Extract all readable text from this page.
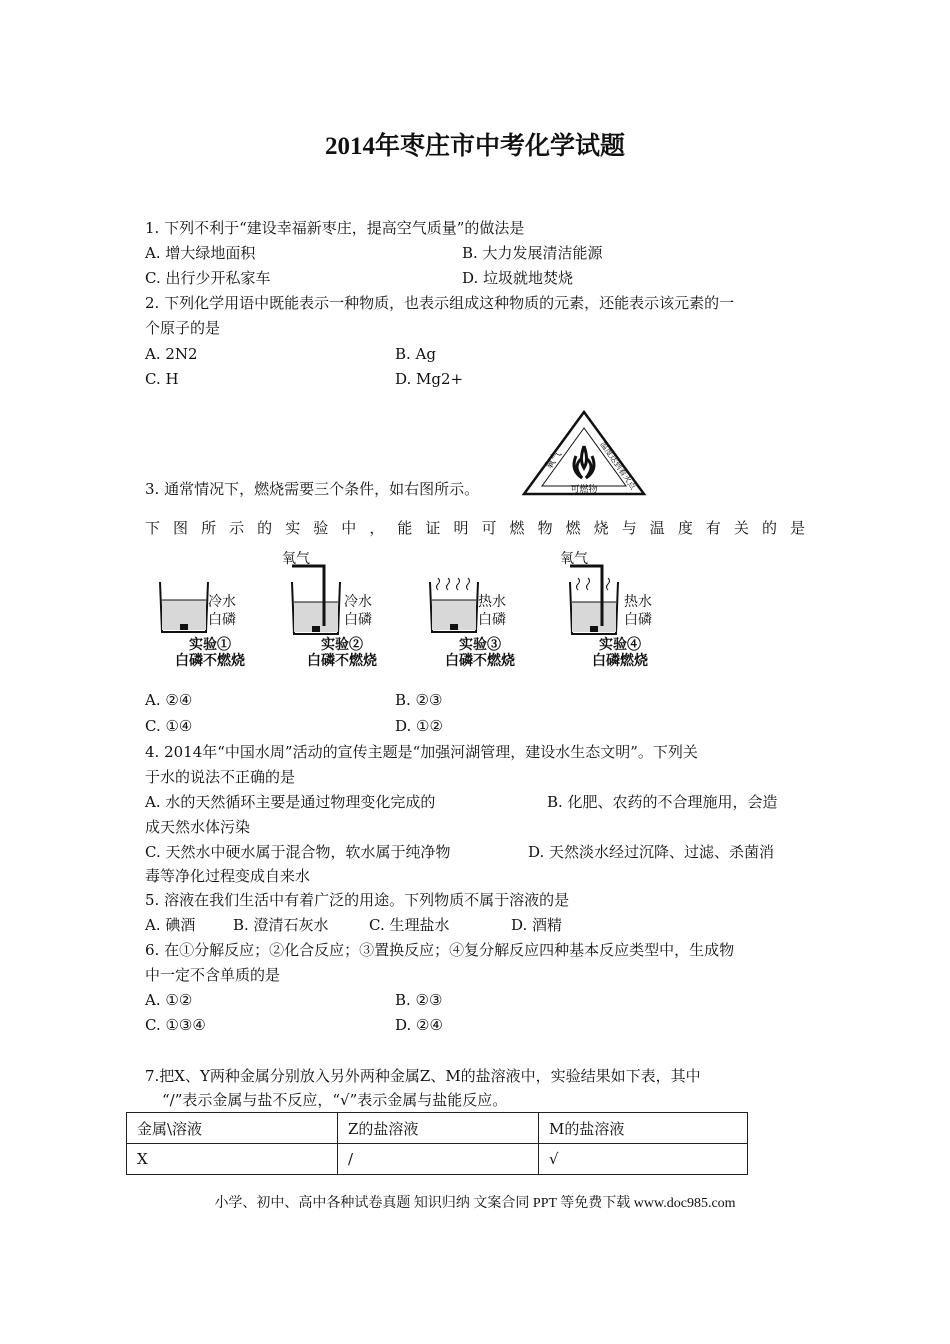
2014年枣庄市中考化学试题
1. 下列不利于“建设幸福新枣庄，提高空气质量”的做法是
A. 增大绿地面积	B. 大力发展清洁能源
C. 出行少开私家车	D. 垃圾就地焚烧
2. 下列化学用语中既能表示一种物质，也表示组成这种物质的元素，还能表示该元素的一
个原子的是
A. 2N2	B. Ag
C. H	D. Mg2+
氧气	温度达到着火点
可燃物
3. 通常情况下，燃烧需要三个条件，如右图所示。
下图所示的实验中，能证明可燃物燃烧与温度有关的是
冷水
白磷
实验①
白磷不燃烧
氧气
冷水
白磷
实验②
白磷不燃烧
热水
白磷
实验③
白磷不燃烧
氧气
热水
白磷
实验④
白磷燃烧
A. ②④	B. ②③
C. ①④	D. ①②
4. 2014年“中国水周”活动的宣传主题是“加强河湖管理，建设水生态文明”。下列关
于水的说法不正确的是
A. 水的天然循环主要是通过物理变化完成的	B. 化肥、农药的不合理施用，会造
成天然水体污染
C. 天然水中硬水属于混合物，软水属于纯净物	D. 天然淡水经过沉降、过滤、杀菌消
毒等净化过程变成自来水
5. 溶液在我们生活中有着广泛的用途。下列物质不属于溶液的是
A. 碘酒	B. 澄清石灰水	C. 生理盐水	D. 酒精
6. 在①分解反应；②化合反应；③置换反应；④复分解反应四种基本反应类型中，生成物
中一定不含单质的是
A. ①②	B. ②③
C. ①③④	D. ②④
7.把X、Y两种金属分别放入另外两种金属Z、M的盐溶液中，实验结果如下表，其中
“/”表示金属与盐不反应，“√”表示金属与盐能反应。
金属\溶液	Z的盐溶液	M的盐溶液
X	/	√
小学、初中、高中各种试卷真题 知识归纳 文案合同 PPT 等免费下载 www.doc985.com
